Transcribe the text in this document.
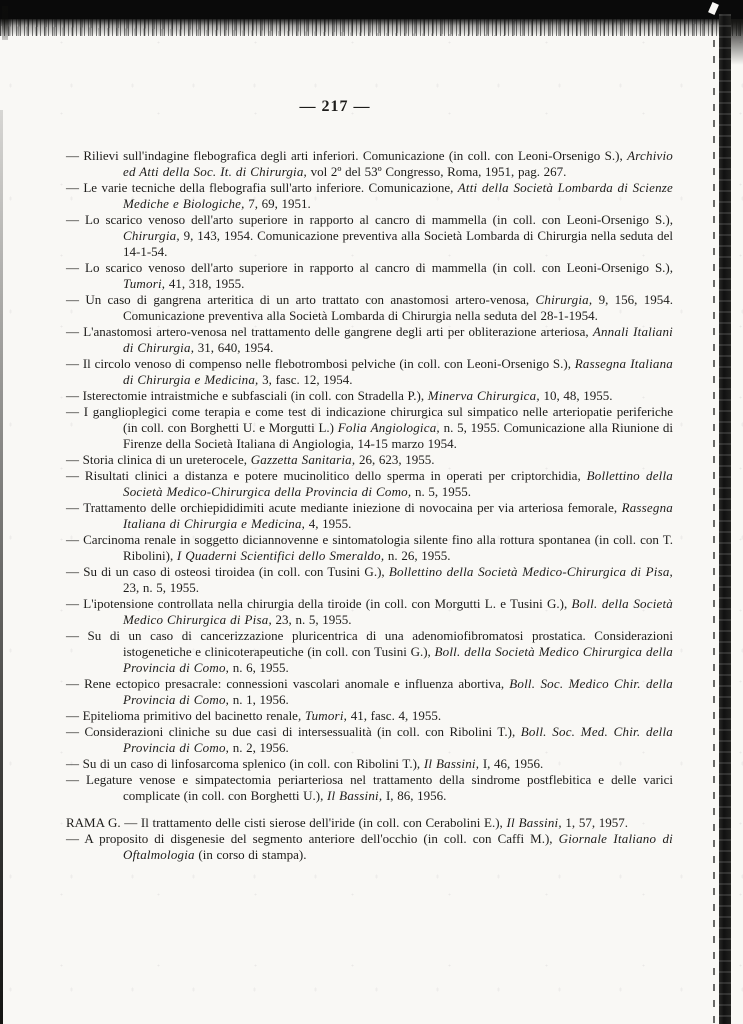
— 217 —

— Rilievi sull'indagine flebografica degli arti inferiori. Comunicazione (in coll. con Leoni-Orsenigo S.), Archivio ed Atti della Soc. It. di Chirurgia, vol 2º del 53º Congresso, Roma, 1951, pag. 267.

— Le varie tecniche della flebografia sull'arto inferiore. Comunicazione, Atti della Società Lombarda di Scienze Mediche e Biologiche, 7, 69, 1951.

— Lo scarico venoso dell'arto superiore in rapporto al cancro di mammella (in coll. con Leoni-Orsenigo S.), Chirurgia, 9, 143, 1954. Comunicazione preventiva alla Società Lombarda di Chirurgia nella seduta del 14-1-54.

— Lo scarico venoso dell'arto superiore in rapporto al cancro di mammella (in coll. con Leoni-Orsenigo S.), Tumori, 41, 318, 1955.

— Un caso di gangrena arteritica di un arto trattato con anastomosi artero-venosa, Chirurgia, 9, 156, 1954. Comunicazione preventiva alla Società Lombarda di Chirurgia nella seduta del 28-1-1954.

— L'anastomosi artero-venosa nel trattamento delle gangrene degli arti per obliterazione arteriosa, Annali Italiani di Chirurgia, 31, 640, 1954.

— Il circolo venoso di compenso nelle flebotrombosi pelviche (in coll. con Leoni-Orsenigo S.), Rassegna Italiana di Chirurgia e Medicina, 3, fasc. 12, 1954.

— Isterectomie intraistmiche e subfasciali (in coll. con Stradella P.), Minerva Chirurgica, 10, 48, 1955.

— I ganglioplegici come terapia e come test di indicazione chirurgica sul simpatico nelle arteriopatie periferiche (in coll. con Borghetti U. e Morgutti L.) Folia Angiologica, n. 5, 1955. Comunicazione alla Riunione di Firenze della Società Italiana di Angiologia, 14-15 marzo 1954.

— Storia clinica di un ureterocele, Gazzetta Sanitaria, 26, 623, 1955.

— Risultati clinici a distanza e potere mucinolitico dello sperma in operati per criptorchidia, Bollettino della Società Medico-Chirurgica della Provincia di Como, n. 5, 1955.

— Trattamento delle orchiepididimiti acute mediante iniezione di novocaina per via arteriosa femorale, Rassegna Italiana di Chirurgia e Medicina, 4, 1955.

— Carcinoma renale in soggetto diciannovenne e sintomatologia silente fino alla rottura spontanea (in coll. con T. Ribolini), I Quaderni Scientifici dello Smeraldo, n. 26, 1955.

— Su di un caso di osteosi tiroidea (in coll. con Tusini G.), Bollettino della Società Medico-Chirurgica di Pisa, 23, n. 5, 1955.

— L'ipotensione controllata nella chirurgia della tiroide (in coll. con Morgutti L. e Tusini G.), Boll. della Società Medico Chirurgica di Pisa, 23, n. 5, 1955.

— Su di un caso di cancerizzazione pluricentrica di una adenomiofibromatosi prostatica. Considerazioni istogenetiche e clinicoterapeutiche (in coll. con Tusini G.), Boll. della Società Medico Chirurgica della Provincia di Como, n. 6, 1955.

— Rene ectopico presacrale: connessioni vascolari anomale e influenza abortiva, Boll. Soc. Medico Chir. della Provincia di Como, n. 1, 1956.

— Epitelioma primitivo del bacinetto renale, Tumori, 41, fasc. 4, 1955.

— Considerazioni cliniche su due casi di intersessualità (in coll. con Ribolini T.), Boll. Soc. Med. Chir. della Provincia di Como, n. 2, 1956.

— Su di un caso di linfosarcoma splenico (in coll. con Ribolini T.), Il Bassini, I, 46, 1956.

— Legature venose e simpatectomia periarteriosa nel trattamento della sindrome postflebitica e delle varici complicate (in coll. con Borghetti U.), Il Bassini, I, 86, 1956.

RAMA G. — Il trattamento delle cisti sierose dell'iride (in coll. con Cerabolini E.), Il Bassini, 1, 57, 1957.

— A proposito di disgenesie del segmento anteriore dell'occhio (in coll. con Caffi M.), Giornale Italiano di Oftalmologia (in corso di stampa).
